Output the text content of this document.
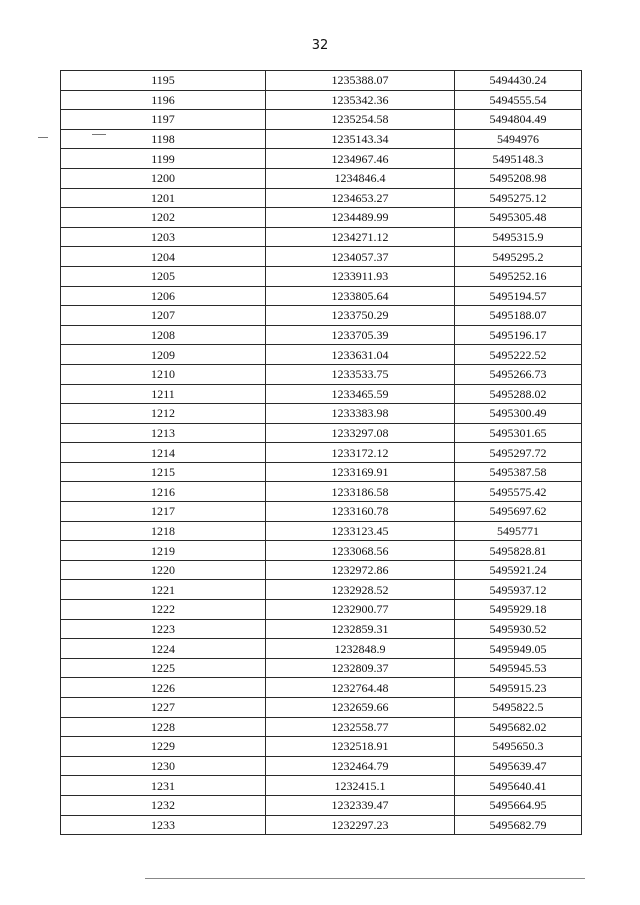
32
1195	1235388.07	5494430.24
1196	1235342.36	5494555.54
1197	1235254.58	5494804.49
1198	1235143.34	5494976
1199	1234967.46	5495148.3
1200	1234846.4	5495208.98
1201	1234653.27	5495275.12
1202	1234489.99	5495305.48
1203	1234271.12	5495315.9
1204	1234057.37	5495295.2
1205	1233911.93	5495252.16
1206	1233805.64	5495194.57
1207	1233750.29	5495188.07
1208	1233705.39	5495196.17
1209	1233631.04	5495222.52
1210	1233533.75	5495266.73
1211	1233465.59	5495288.02
1212	1233383.98	5495300.49
1213	1233297.08	5495301.65
1214	1233172.12	5495297.72
1215	1233169.91	5495387.58
1216	1233186.58	5495575.42
1217	1233160.78	5495697.62
1218	1233123.45	5495771
1219	1233068.56	5495828.81
1220	1232972.86	5495921.24
1221	1232928.52	5495937.12
1222	1232900.77	5495929.18
1223	1232859.31	5495930.52
1224	1232848.9	5495949.05
1225	1232809.37	5495945.53
1226	1232764.48	5495915.23
1227	1232659.66	5495822.5
1228	1232558.77	5495682.02
1229	1232518.91	5495650.3
1230	1232464.79	5495639.47
1231	1232415.1	5495640.41
1232	1232339.47	5495664.95
1233	1232297.23	5495682.79
